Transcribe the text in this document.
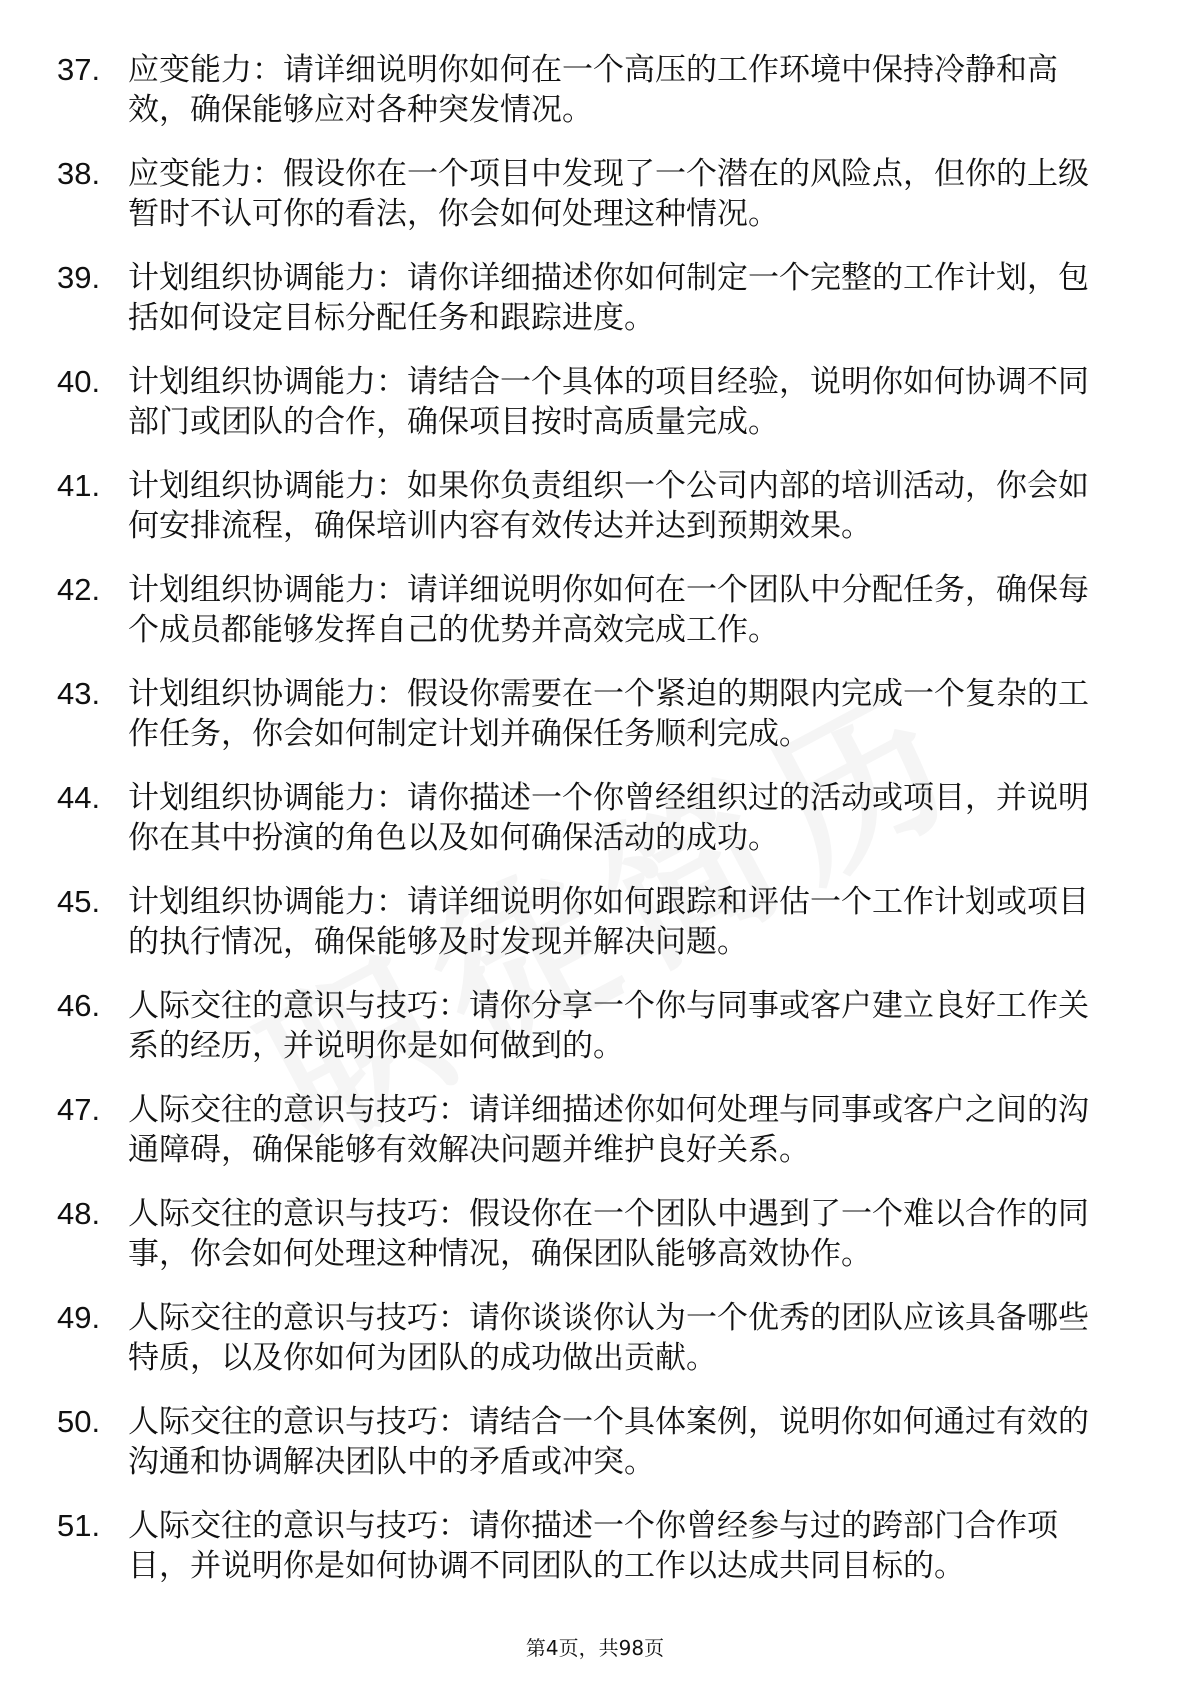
37. 应变能力：请详细说明你如何在一个高压的工作环境中保持冷静和高效，确保能够应对各种突发情况。
38. 应变能力：假设你在一个项目中发现了一个潜在的风险点，但你的上级暂时不认可你的看法，你会如何处理这种情况。
39. 计划组织协调能力：请你详细描述你如何制定一个完整的工作计划，包括如何设定目标分配任务和跟踪进度。
40. 计划组织协调能力：请结合一个具体的项目经验，说明你如何协调不同部门或团队的合作，确保项目按时高质量完成。
41. 计划组织协调能力：如果你负责组织一个公司内部的培训活动，你会如何安排流程，确保培训内容有效传达并达到预期效果。
42. 计划组织协调能力：请详细说明你如何在一个团队中分配任务，确保每个成员都能够发挥自己的优势并高效完成工作。
43. 计划组织协调能力：假设你需要在一个紧迫的期限内完成一个复杂的工作任务，你会如何制定计划并确保任务顺利完成。
44. 计划组织协调能力：请你描述一个你曾经组织过的活动或项目，并说明你在其中扮演的角色以及如何确保活动的成功。
45. 计划组织协调能力：请详细说明你如何跟踪和评估一个工作计划或项目的执行情况，确保能够及时发现并解决问题。
46. 人际交往的意识与技巧：请你分享一个你与同事或客户建立良好工作关系的经历，并说明你是如何做到的。
47. 人际交往的意识与技巧：请详细描述你如何处理与同事或客户之间的沟通障碍，确保能够有效解决问题并维护良好关系。
48. 人际交往的意识与技巧：假设你在一个团队中遇到了一个难以合作的同事，你会如何处理这种情况，确保团队能够高效协作。
49. 人际交往的意识与技巧：请你谈谈你认为一个优秀的团队应该具备哪些特质，以及你如何为团队的成功做出贡献。
50. 人际交往的意识与技巧：请结合一个具体案例，说明你如何通过有效的沟通和协调解决团队中的矛盾或冲突。
51. 人际交往的意识与技巧：请你描述一个你曾经参与过的跨部门合作项目，并说明你是如何协调不同团队的工作以达成共同目标的。
第4页，共98页
